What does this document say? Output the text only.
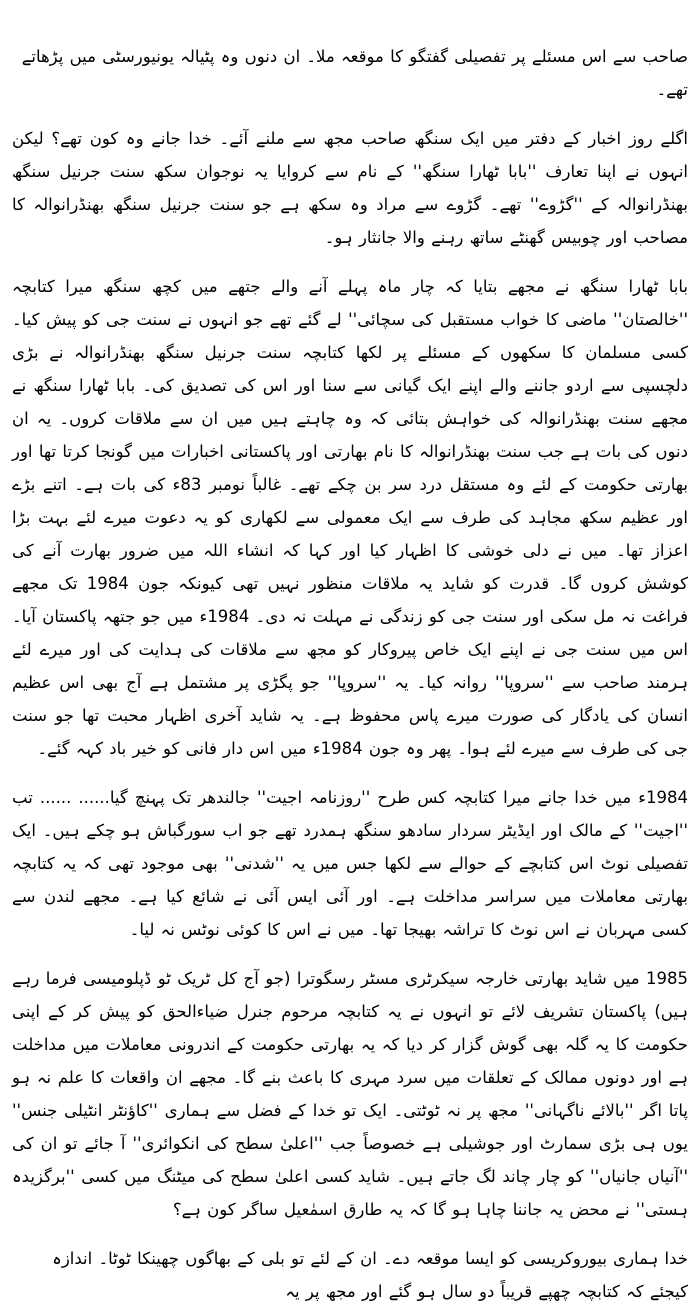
صاحب سے اس مسئلے پر تفصیلی گفتگو کا موقعہ ملا۔ ان دنوں وہ پٹیالہ یونیورسٹی میں پڑھاتے تھے۔

اگلے روز اخبار کے دفتر میں ایک سنگھ صاحب مجھ سے ملنے آئے۔ خدا جانے وہ کون تھے؟ لیکن انہوں نے اپنا تعارف ''بابا ٹھارا سنگھ'' کے نام سے کروایا یہ نوجوان سکھ سنت جرنیل سنگھ بھنڈرانوالہ کے ''گڑوے'' تھے۔ گڑوے سے مراد وہ سکھ ہے جو سنت جرنیل سنگھ بھنڈرانوالہ کا مصاحب اور چوبیس گھنٹے ساتھ رہنے والا جانثار ہو۔

بابا ٹھارا سنگھ نے مجھے بتایا کہ چار ماہ پہلے آنے والے جتھے میں کچھ سنگھ میرا کتابچہ ''خالصتان'' ماضی کا خواب مستقبل کی سچائی'' لے گئے تھے جو انہوں نے سنت جی کو پیش کیا۔ کسی مسلمان کا سکھوں کے مسئلے پر لکھا کتابچہ سنت جرنیل سنگھ بھنڈرانوالہ نے بڑی دلچسپی سے اردو جاننے والے اپنے ایک گیانی سے سنا اور اس کی تصدیق کی۔ بابا ٹھارا سنگھ نے مجھے سنت بھنڈرانوالہ کی خواہش بتائی کہ وہ چاہتے ہیں میں ان سے ملاقات کروں۔ یہ ان دنوں کی بات ہے جب سنت بھنڈرانوالہ کا نام بھارتی اور پاکستانی اخبارات میں گونجا کرتا تھا اور بھارتی حکومت کے لئے وہ مستقل درد سر بن چکے تھے۔ غالباً نومبر 83ء کی بات ہے۔ اتنے بڑے اور عظیم سکھ مجاہد کی طرف سے ایک معمولی سے لکھاری کو یہ دعوت میرے لئے بہت بڑا اعزاز تھا۔ میں نے دلی خوشی کا اظہار کیا اور کہا کہ انشاء اللہ میں ضرور بھارت آنے کی کوشش کروں گا۔ قدرت کو شاید یہ ملاقات منظور نہیں تھی کیونکہ جون 1984 تک مجھے فراغت نہ مل سکی اور سنت جی کو زندگی نے مہلت نہ دی۔ 1984ء میں جو جتھہ پاکستان آیا۔ اس میں سنت جی نے اپنے ایک خاص پیروکار کو مجھ سے ملاقات کی ہدایت کی اور میرے لئے ہرمند صاحب سے ''سروپا'' روانہ کیا۔ یہ ''سروپا'' جو پگڑی پر مشتمل ہے آج بھی اس عظیم انسان کی یادگار کی صورت میرے پاس محفوظ ہے۔ یہ شاید آخری اظہار محبت تھا جو سنت جی کی طرف سے میرے لئے ہوا۔ پھر وہ جون 1984ء میں اس دار فانی کو خیر باد کہہ گئے۔

1984ء میں خدا جانے میرا کتابچہ کس طرح ''روزنامہ اجیت'' جالندھر تک پہنچ گیا...... ...... تب ''اجیت'' کے مالک اور ایڈیٹر سردار سادھو سنگھ ہمدرد تھے جو اب سورگباش ہو چکے ہیں۔ ایک تفصیلی نوٹ اس کتابچے کے حوالے سے لکھا جس میں یہ ''شدنی'' بھی موجود تھی کہ یہ کتابچہ بھارتی معاملات میں سراسر مداخلت ہے۔ اور آئی ایس آئی نے شائع کیا ہے۔ مجھے لندن سے کسی مہربان نے اس نوٹ کا تراشہ بھیجا تھا۔ میں نے اس کا کوئی نوٹس نہ لیا۔

1985 میں شاید بھارتی خارجہ سیکرٹری مسٹر رسگوترا (جو آج کل ٹریک ٹو ڈپلومیسی فرما رہے ہیں) پاکستان تشریف لائے تو انہوں نے یہ کتابچہ مرحوم جنرل ضیاءالحق کو پیش کر کے اپنی حکومت کا یہ گلہ بھی گوش گزار کر دیا کہ یہ بھارتی حکومت کے اندرونی معاملات میں مداخلت ہے اور دونوں ممالک کے تعلقات میں سرد مہری کا باعث بنے گا۔ مجھے ان واقعات کا علم نہ ہو پاتا اگر ''بالائے ناگہانی'' مجھ پر نہ ٹوٹتی۔ ایک تو خدا کے فضل سے ہماری ''کاؤنٹر انٹیلی جنس'' یوں ہی بڑی سمارٹ اور جوشیلی ہے خصوصاً جب ''اعلیٰ سطح کی انکوائری'' آ جائے تو ان کی ''آنیاں جانیاں'' کو چار چاند لگ جاتے ہیں۔ شاید کسی اعلیٰ سطح کی میٹنگ میں کسی ''برگزیدہ ہستی'' نے محض یہ جاننا چاہا ہو گا کہ یہ طارق اسمٰعیل ساگر کون ہے؟

خدا ہماری بیوروکریسی کو ایسا موقعہ دے۔ ان کے لئے تو بلی کے بھاگوں چھینکا ٹوٹا۔ اندازہ کیجئے کہ کتابچہ چھپے قریباً دو سال ہو گئے اور مجھ پر یہ
